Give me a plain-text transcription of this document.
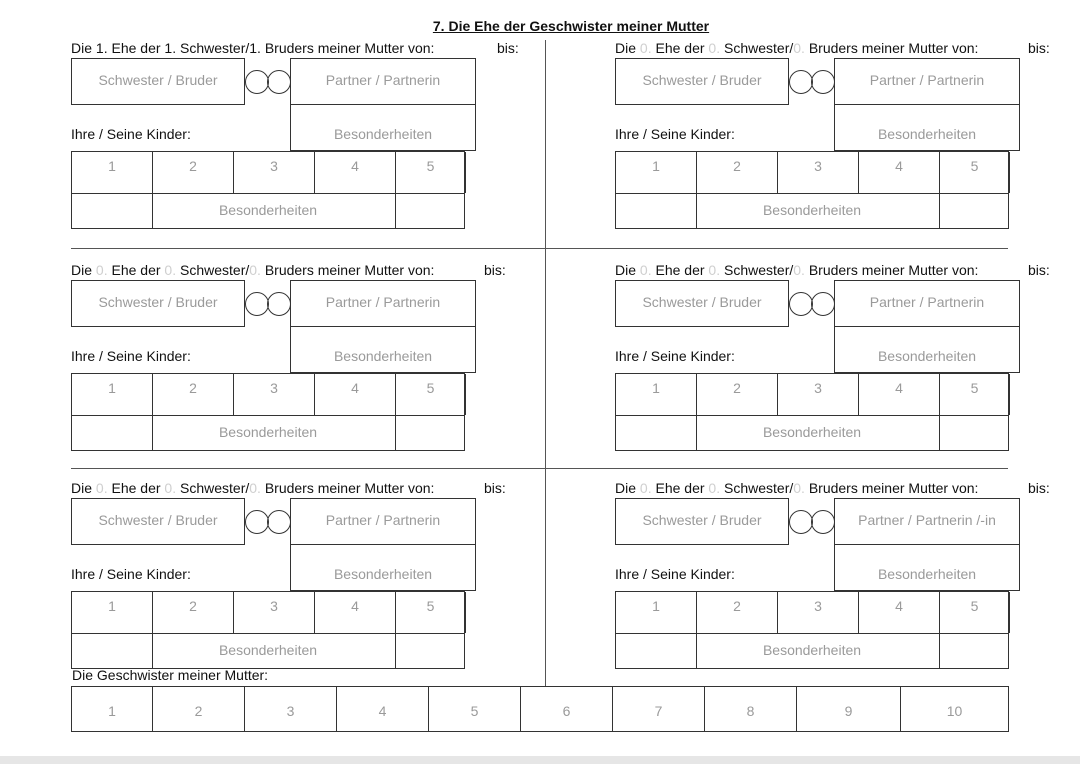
7. Die Ehe der Geschwister meiner Mutter
Die 1. Ehe der 1. Schwester/1. Bruders meiner Mutter von:	bis:
Schwester / Bruder	Partner / Partnerin
Besonderheiten
Ihre / Seine Kinder:
1	2	3	4	5
Besonderheiten
Die 0. Ehe der 0. Schwester/0. Bruders meiner Mutter von:	bis:
Schwester / Bruder	Partner / Partnerin
Besonderheiten
Ihre / Seine Kinder:
1	2	3	4	5
Besonderheiten
Die 0. Ehe der 0. Schwester/0. Bruders meiner Mutter von:	bis:
Schwester / Bruder	Partner / Partnerin
Besonderheiten
Ihre / Seine Kinder:
1	2	3	4	5
Besonderheiten
Die 0. Ehe der 0. Schwester/0. Bruders meiner Mutter von:	bis:
Schwester / Bruder	Partner / Partnerin
Besonderheiten
Ihre / Seine Kinder:
1	2	3	4	5
Besonderheiten
Die 0. Ehe der 0. Schwester/0. Bruders meiner Mutter von:	bis:
Schwester / Bruder	Partner / Partnerin
Besonderheiten
Ihre / Seine Kinder:
1	2	3	4	5
Besonderheiten
Die 0. Ehe der 0. Schwester/0. Bruders meiner Mutter von:	bis:
Schwester / Bruder	Partner / Partnerin /-in
Besonderheiten
Ihre / Seine Kinder:
1	2	3	4	5
Besonderheiten
Die Geschwister meiner Mutter:
1	2	3	4	5	6	7	8	9	10
